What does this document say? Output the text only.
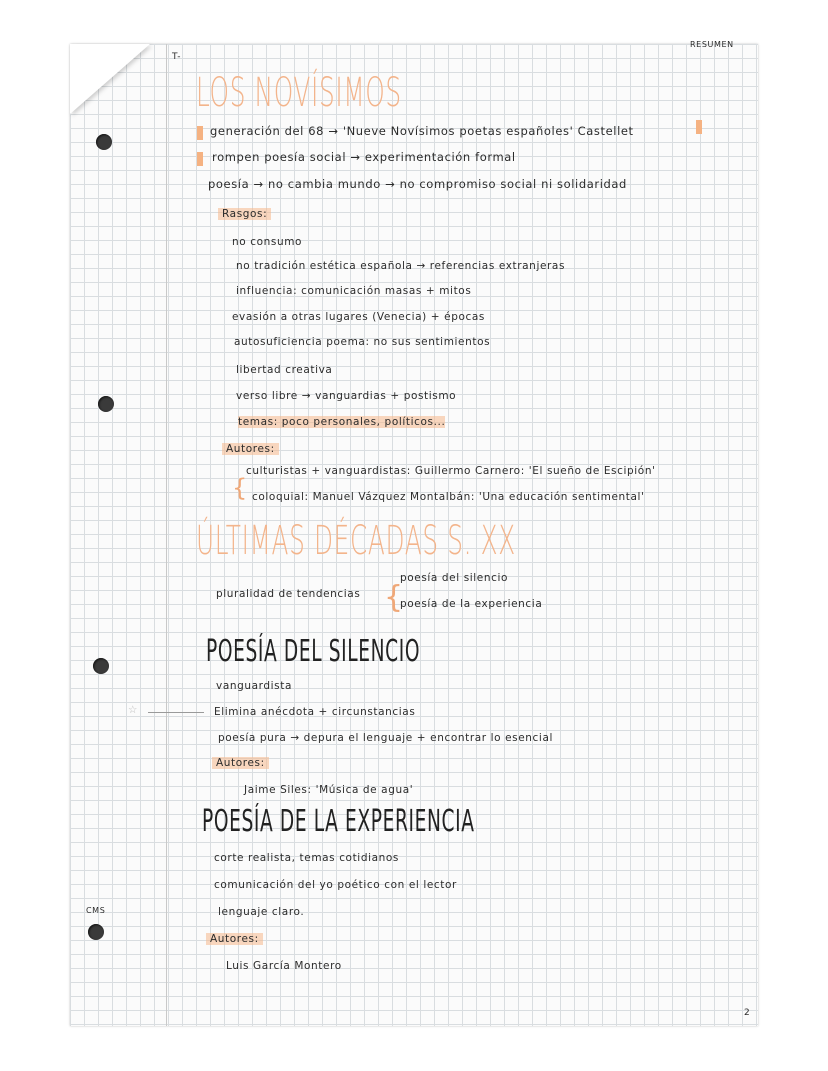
RESUMEN
T-
2
CMS
LOS NOVÍSIMOS
generación del 68 → 'Nueve Novísimos poetas españoles' Castellet
rompen poesía social → experimentación formal
poesía → no cambia mundo → no compromiso social ni solidaridad
Rasgos:
no consumo
no tradición estética española → referencias extranjeras
influencia: comunicación masas + mitos
evasión a otras lugares (Venecia) + épocas
autosuficiencia poema: no sus sentimientos
libertad creativa
verso libre → vanguardias + postismo
temas: poco personales, políticos...
Autores:
{
culturistas + vanguardistas: Guillermo Carnero: 'El sueño de Escipión'
coloquial: Manuel Vázquez Montalbán: 'Una educación sentimental'
ÚLTIMAS DÉCADAS S. XX
pluralidad de tendencias {
poesía del silencio
poesía de la experiencia
POESÍA DEL SILENCIO
vanguardista
☆	Elimina anécdota + circunstancias
poesía pura → depura el lenguaje + encontrar lo esencial
Autores:
Jaime Siles: 'Música de agua'
POESÍA DE LA EXPERIENCIA
corte realista, temas cotidianos
comunicación del yo poético con el lector
lenguaje claro.
Autores:
Luis García Montero
